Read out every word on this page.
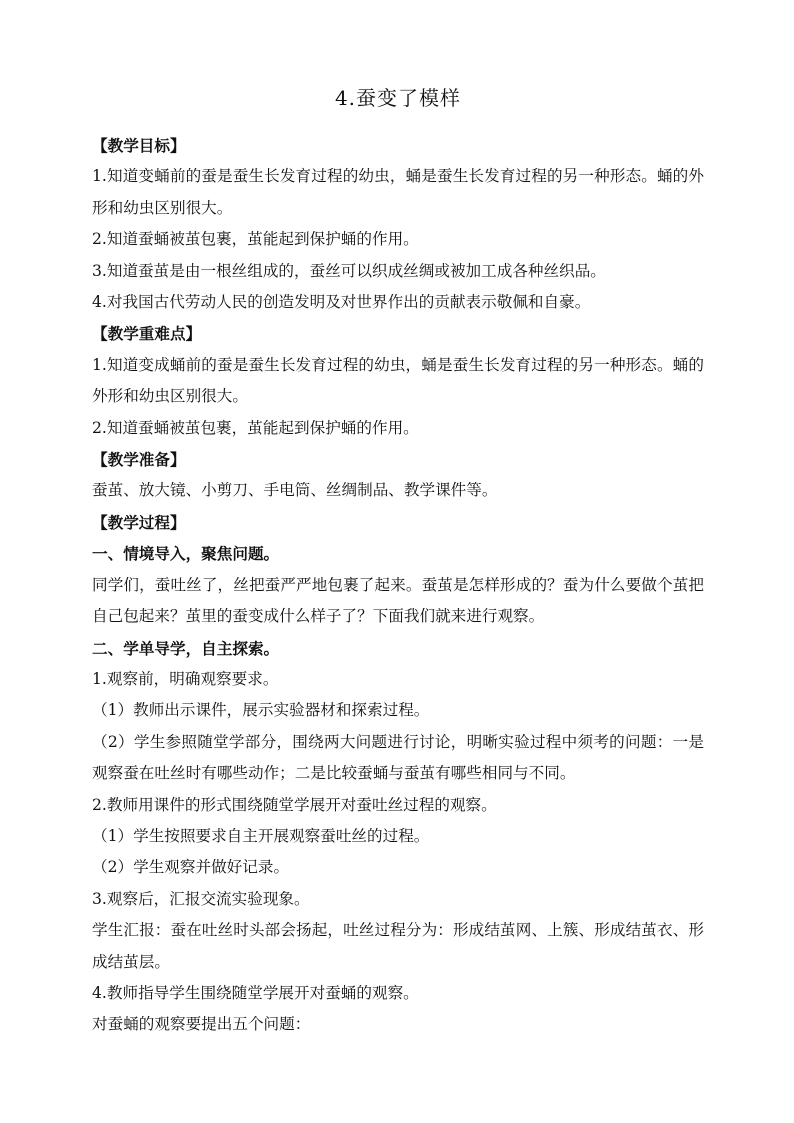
4.蚕变了模样

【教学目标】

1.知道变蛹前的蚕是蚕生长发育过程的幼虫，蛹是蚕生长发育过程的另一种形态。蛹的外形和幼虫区别很大。

2.知道蚕蛹被茧包裹，茧能起到保护蛹的作用。

3.知道蚕茧是由一根丝组成的，蚕丝可以织成丝绸或被加工成各种丝织品。

4.对我国古代劳动人民的创造发明及对世界作出的贡献表示敬佩和自豪。

【教学重难点】

1.知道变成蛹前的蚕是蚕生长发育过程的幼虫，蛹是蚕生长发育过程的另一种形态。蛹的外形和幼虫区别很大。

2.知道蚕蛹被茧包裹，茧能起到保护蛹的作用。

【教学准备】

蚕茧、放大镜、小剪刀、手电筒、丝绸制品、教学课件等。

【教学过程】

一、情境导入，聚焦问题。

同学们，蚕吐丝了，丝把蚕严严地包裹了起来。蚕茧是怎样形成的？蚕为什么要做个茧把自己包起来？茧里的蚕变成什么样子了？下面我们就来进行观察。

二、学单导学，自主探索。

1.观察前，明确观察要求。

（1）教师出示课件，展示实验器材和探索过程。

（2）学生参照随堂学部分，围绕两大问题进行讨论，明晰实验过程中须考的问题：一是观察蚕在吐丝时有哪些动作；二是比较蚕蛹与蚕茧有哪些相同与不同。

2.教师用课件的形式围绕随堂学展开对蚕吐丝过程的观察。

（1）学生按照要求自主开展观察蚕吐丝的过程。

（2）学生观察并做好记录。

3.观察后，汇报交流实验现象。

学生汇报：蚕在吐丝时头部会扬起，吐丝过程分为：形成结茧网、上簇、形成结茧衣、形成结茧层。

4.教师指导学生围绕随堂学展开对蚕蛹的观察。

对蚕蛹的观察要提出五个问题：
